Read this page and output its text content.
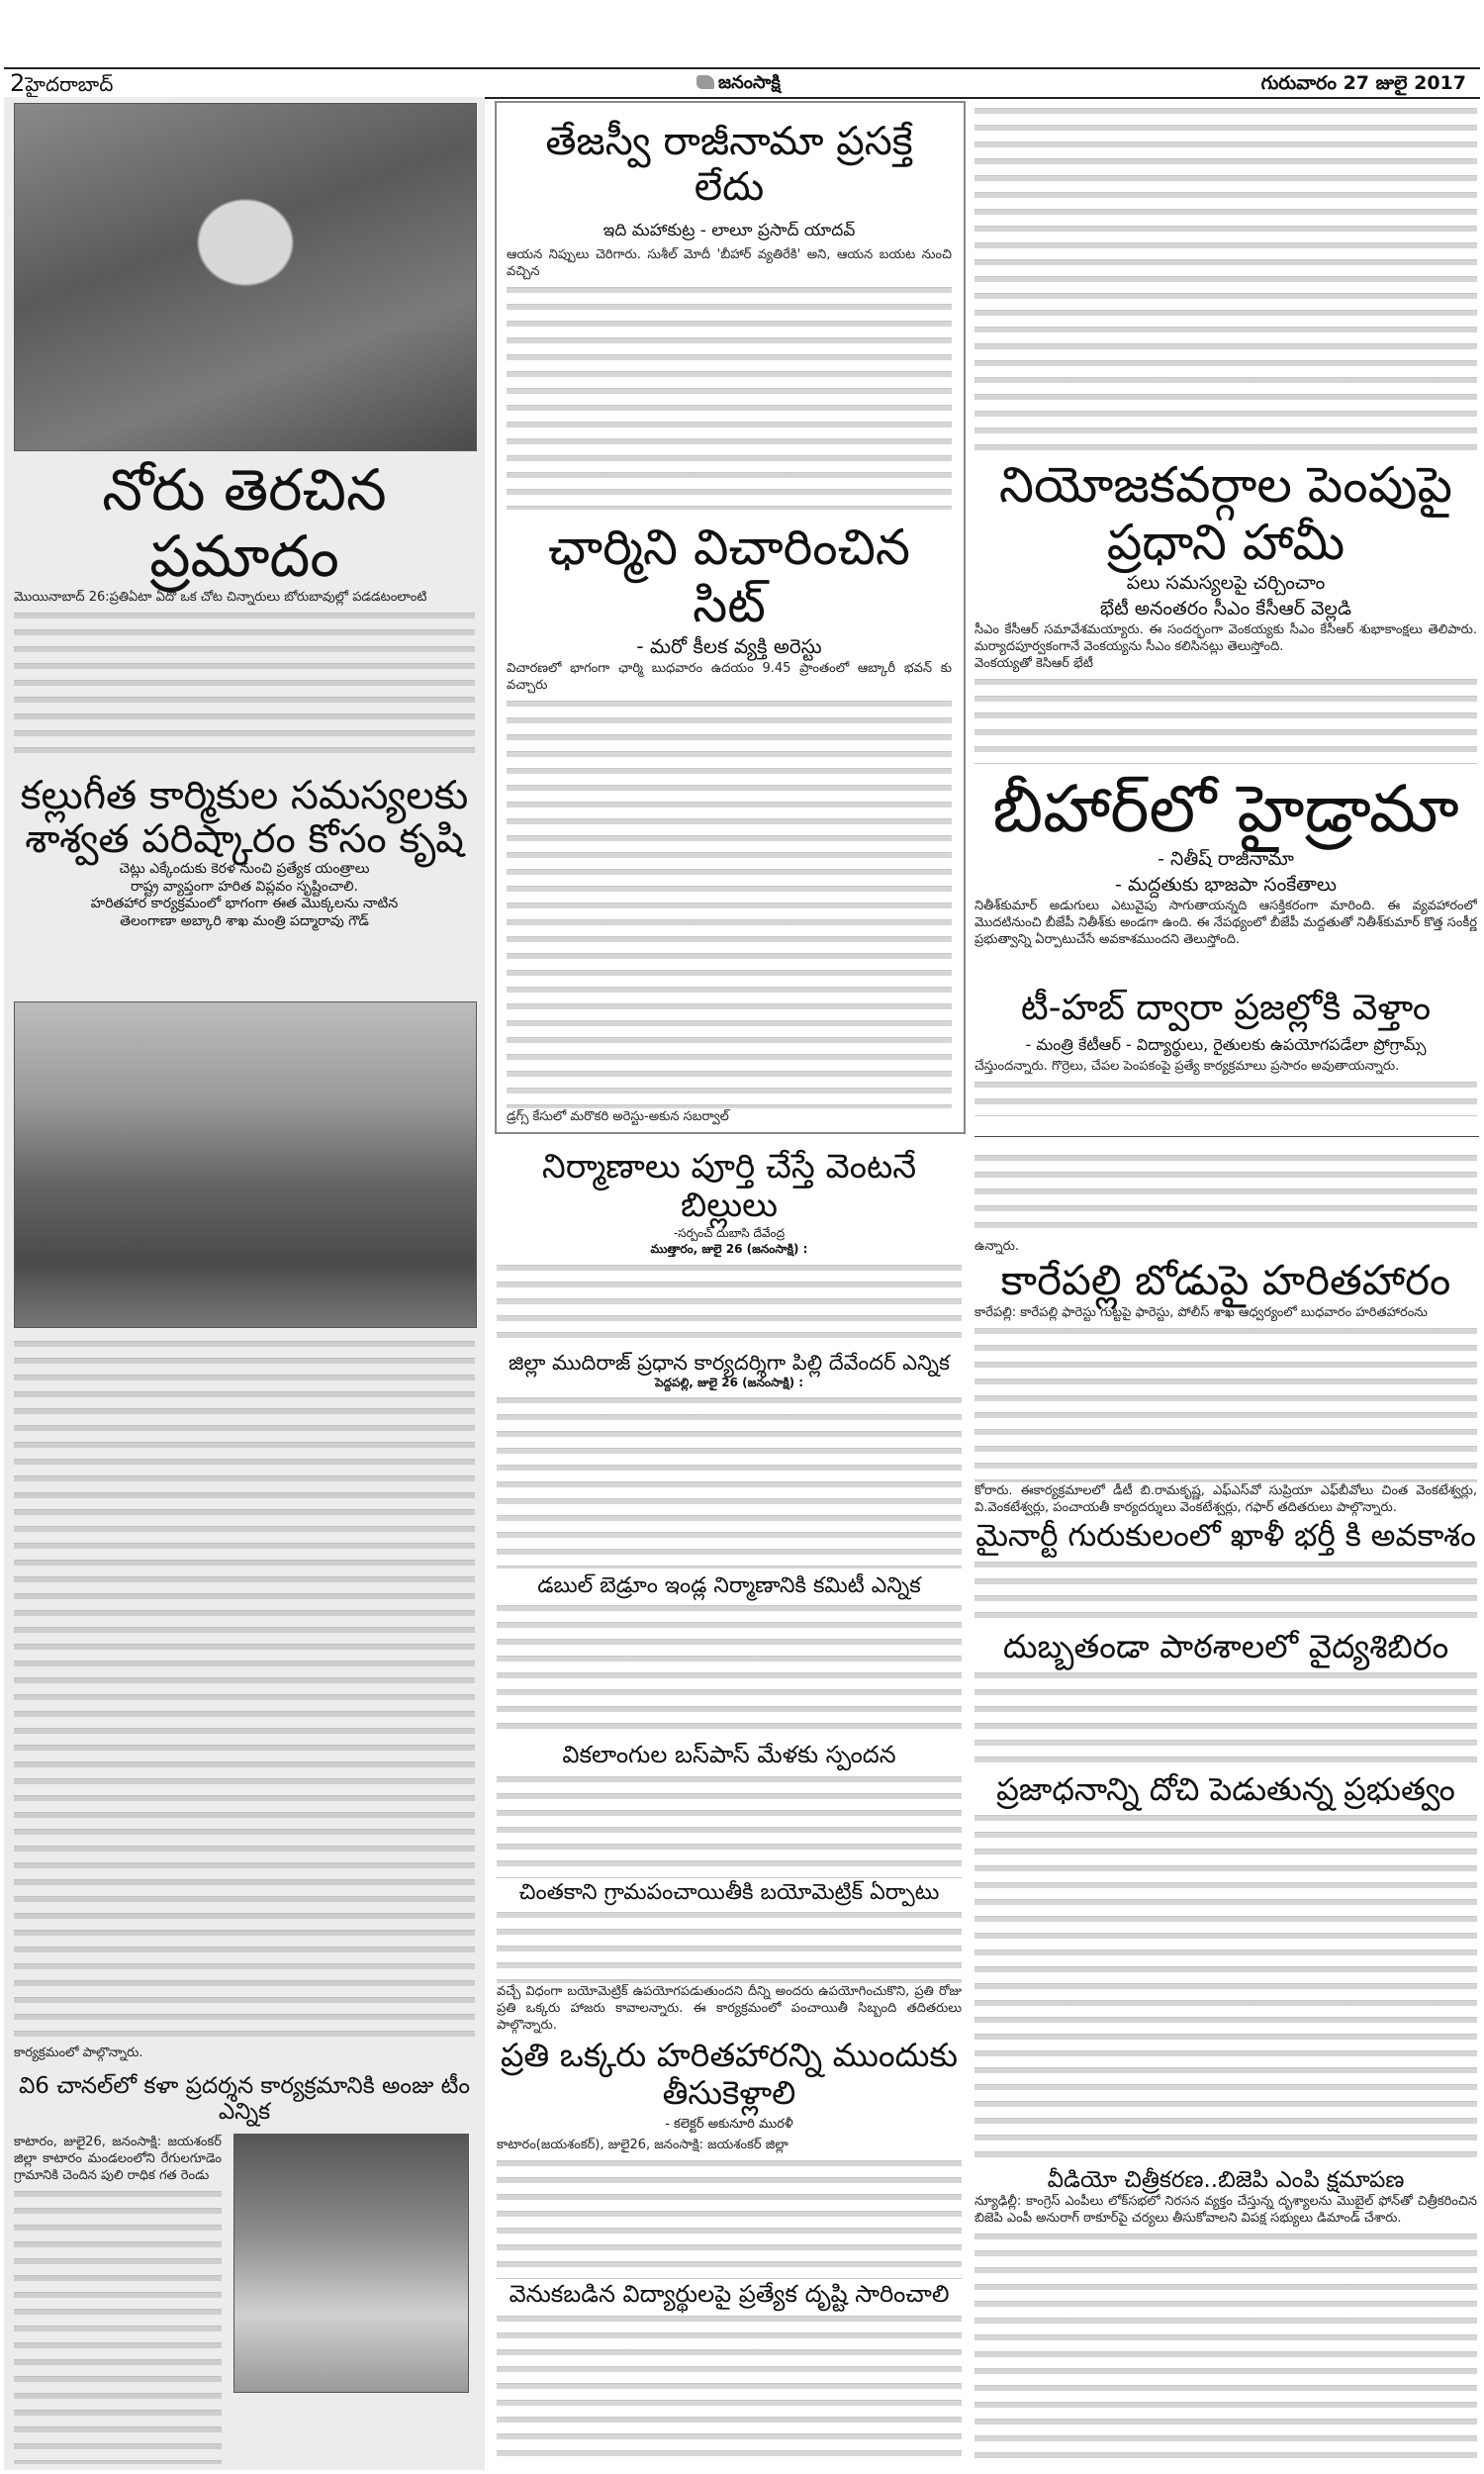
2హైదరాబాద్	జనంసాక్షి	గురువారం 27 జులై 2017
నోరు తెరచిన ప్రమాదం
మొయినాబాద్ 26:ప్రతిఏటా ఏదో ఒక చోట చిన్నారులు బోరుబావుల్లో పడడటంలాంటి
కల్లుగీత కార్మికుల సమస్యలకు శాశ్వత పరిష్కారం కోసం కృషి
చెట్లు ఎక్కేందుకు కెరళ నుంచి ప్రత్యేక యంత్రాలు
రాష్ట్ర వ్యాప్తంగా హరిత విప్లవం సృష్టించాలి.
హరితహార కార్యక్రమంలో భాగంగా ఈత మొక్కలను నాటిన
తెలంగాణా అబ్కారి శాఖ మంత్రి పద్మారావు గౌడ్
కార్యక్రమంలో పాల్గొన్నారు.
వి6 చానల్‌లో కళా ప్రదర్శన కార్యక్రమానికి అంజు టీం ఎన్నిక
కాటారం, జులై26, జనంసాక్షి: జయశంకర్ జిల్లా కాటారం మండలంలోని రేగులగూడెం గ్రామానికి చెందిన పులి రాధిక గత రెండు
తేజస్వీ రాజీనామా ప్రసక్తే లేదు
ఇది మహాకుట్ర - లాలూ ప్రసాద్ యాదవ్
ఆయన నిప్పులు చెరిగారు. సుశీల్ మోదీ 'బీహార్ వ్యతిరేకి' అని, ఆయన బయట నుంచి వచ్చిన
ఛార్మిని విచారించిన సిట్
- మరో కీలక వ్యక్తి అరెస్టు
విచారణలో భాగంగా ఛార్మి బుధవారం ఉదయం 9.45 ప్రాంతంలో ఆబ్కారీ భవన్ కు వచ్చారు
డ్రగ్స్ కేసులో మరొకరి అరెస్టు-అకున సబర్వాల్
నిర్మాణాలు పూర్తి చేస్తే వెంటనే బిల్లులు
-సర్పంచ్ దుబాసి దేవేంద్ర
ముత్తారం, జులై 26 (జనంసాక్షి) :
జిల్లా ముదిరాజ్ ప్రధాన కార్యదర్శిగా పిల్లి దేవేందర్ ఎన్నిక
పెద్దపల్లి, జులై 26 (జనంసాక్షి) :
డబుల్ బెడ్రూం ఇండ్ల నిర్మాణానికి కమిటీ ఎన్నిక
వికలాంగుల బస్‌పాస్ మేళకు స్పందన
చింతకాని గ్రామపంచాయితీకి బయోమెట్రిక్ ఏర్పాటు
వచ్చే విధంగా బయోమెట్రిక్ ఉపయోగపడుతుందని దీన్ని అందరు ఉపయోగించుకొని, ప్రతి రోజు ప్రతి ఒక్కరు హాజరు కావాలన్నారు. ఈ కార్యక్రమంలో పంచాయితీ సిబ్బంది తదితరులు పాల్గొన్నారు.
ప్రతి ఒక్కరు హరితహారన్ని ముందుకు తీసుకెళ్లాలి
- కలెక్టర్ అకునూరి మురళీ
కాటారం(జయశంకర్), జులై26, జనంసాక్షి: జయశంకర్ జిల్లా
వెనుకబడిన విద్యార్థులపై ప్రత్యేక దృష్టి సారించాలి
నియోజకవర్గాల పెంపుపై ప్రధాని హామీ
పలు సమస్యలపై చర్చించాం
భేటీ అనంతరం సీఎం కేసీఆర్ వెల్లడి
సీఎం కేసీఆర్ సమావేశమయ్యారు. ఈ సందర్భంగా వెంకయ్యకు సీఎం కేసీఆర్ శుభాకాంక్షలు తెలిపారు. మర్యాదపూర్వకంగానే వెంకయ్యను సీఎం కలిసినట్లు తెలుస్తోంది.
వెంకయ్యతో కెసిఆర్ భేటీ
బీహార్‌లో హైడ్రామా
- నితీష్ రాజీనామా
- మద్దతుకు భాజపా సంకేతాలు
నితీశ్‌కుమార్ అడుగులు ఎటువైపు సాగుతాయన్నది ఆసక్తికరంగా మారింది. ఈ వ్యవహారంలో మొదటినుంచి బీజేపీ నితీశ్‌కు అండగా ఉంది. ఈ నేపథ్యంలో బీజేపీ మద్దతుతో నితీశ్‌కుమార్ కొత్త సంకీర్ణ ప్రభుత్వాన్ని ఏర్పాటుచేసే అవకాశముందని తెలుస్తోంది.
టీ-హబ్ ద్వారా ప్రజల్లోకి వెళ్తాం
- మంత్రి కేటీఆర్ - విద్యార్థులు, రైతులకు ఉపయోగపడేలా ప్రోగ్రామ్స్
చేస్తుందన్నారు. గొర్రెలు, చేపల పెంపకంపై ప్రత్యే కార్యక్రమాలు ప్రసారం అవుతాయన్నారు.
ఉన్నారు.
కారేపల్లి బోడుపై హరితహారం
కారేపల్లి: కారేపల్లి ఫారెస్టు గుట్టపై ఫారెస్టు, పోలీస్ శాఖ ఆధ్వర్యంలో బుధవారం హరితహారంను
కోరారు. ఈకార్యక్రమాలలో డీటీ బి.రామకృష్ణ, ఎఫ్ఎస్‌వో సుప్రియా ఎఫ్‌బీవోలు చింత వెంకటేశ్వర్లు, వి.వెంకటేశ్వర్లు, పంచాయతీ కార్యదర్శులు వెంకటేశ్వర్లు, గఫార్ తదితరులు పాల్గొన్నారు.
మైనార్టీ గురుకులంలో ఖాళీ భర్తీ కి అవకాశం
దుబ్బతండా పాఠశాలలో వైద్యశిబిరం
ప్రజాధనాన్ని దోచి పెడుతున్న ప్రభుత్వం
వీడియో చిత్రీకరణ..బిజెపి ఎంపి క్షమాపణ
న్యూఢిల్లీ: కాంగ్రెస్ ఎంపీలు లోక్‌సభలో నిరసన వ్యక్తం చేస్తున్న దృశ్యాలను మొబైల్ ఫోన్‌తో చిత్రీకరించిన బిజెపి ఎంపీ అనురాగ్ ఠాకూర్‌పై చర్యలు తీసుకోవాలని విపక్ష సభ్యులు డిమాండ్ చేశారు.
